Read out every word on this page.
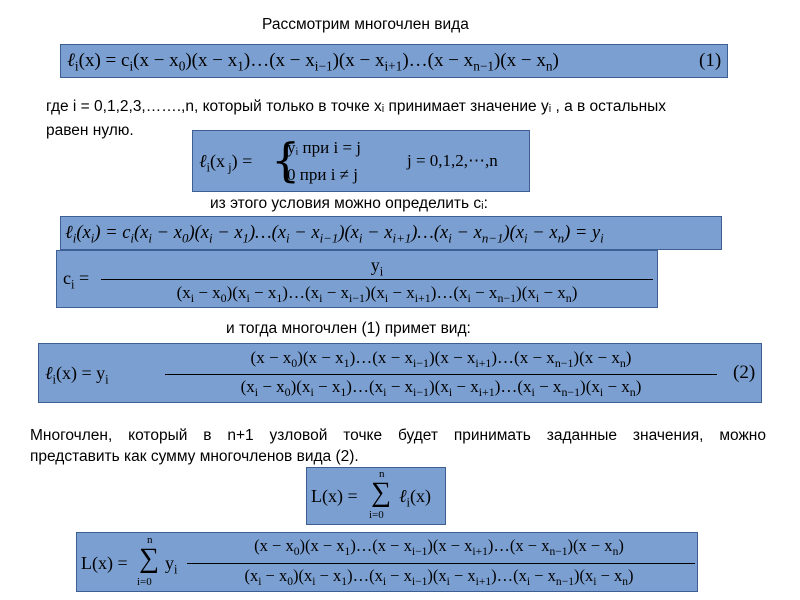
Рассмотрим многочлен вида
ℓ$_i$(x) = $c_i(x - x_0)(x$ − $x_1)\dots(x - x_{i-1})(x$ − $x_{i+1})\dots(x - x_{n-1})(x - x_n)$	(1)
где i = 0,1,2,3,…….,n, который только в точке xᵢ принимает значение yᵢ , а в остальных
равен нулю.
ℓ$_i$(x $_j$) = {
yᵢ при i = j
0 при i ≠ j
j = 0,1,2,⋯,n
из этого условия можно определить cᵢ:
$\ell_i(x_i) = c_i(x_i - x_0)(x_i$ − $x_1)\dots(x_i - x_{i-1})(x_i$ − $x_{i+1})\dots(x_i - x_{n-1})(x_i - x_n) = y_i$
$c_i$ =
$y_i$
$(x_i - x_0)(x_i$ − $x_1)\dots(x_i - x_{i-1})(x_i$ − $x_{i+1})\dots(x_i - x_{n-1})(x_i - x_n)$
и тогда многочлен (1) примет вид:
ℓ$_i$(x) = $y_i$
$(x - x_0)(x$ − $x_1)\dots(x - x_{i-1})(x$ − $x_{i+1})\dots(x - x_{n-1})(x - x_n)$
$(x_i - x_0)(x_i$ − $x_1)\dots(x_i - x_{i-1})(x_i$ − $x_{i+1})\dots(x_i - x_{n-1})(x_i - x_n)$
(2)
Многочлен, который в n+1 узловой точке будет принимать заданные значения, можно
представить как сумму многочленов вида (2).
L(x) =
n
∑
i=0
ℓ$_i$(x)
L(x) =
n
∑
i=0
$y_i$
$(x - x_0)(x$ − $x_1)\dots(x - x_{i-1})(x$ − $x_{i+1})\dots(x - x_{n-1})(x - x_n)$
$(x_i - x_0)(x_i$ − $x_1)\dots(x_i - x_{i-1})(x_i$ − $x_{i+1})\dots(x_i - x_{n-1})(x_i - x_n)$
